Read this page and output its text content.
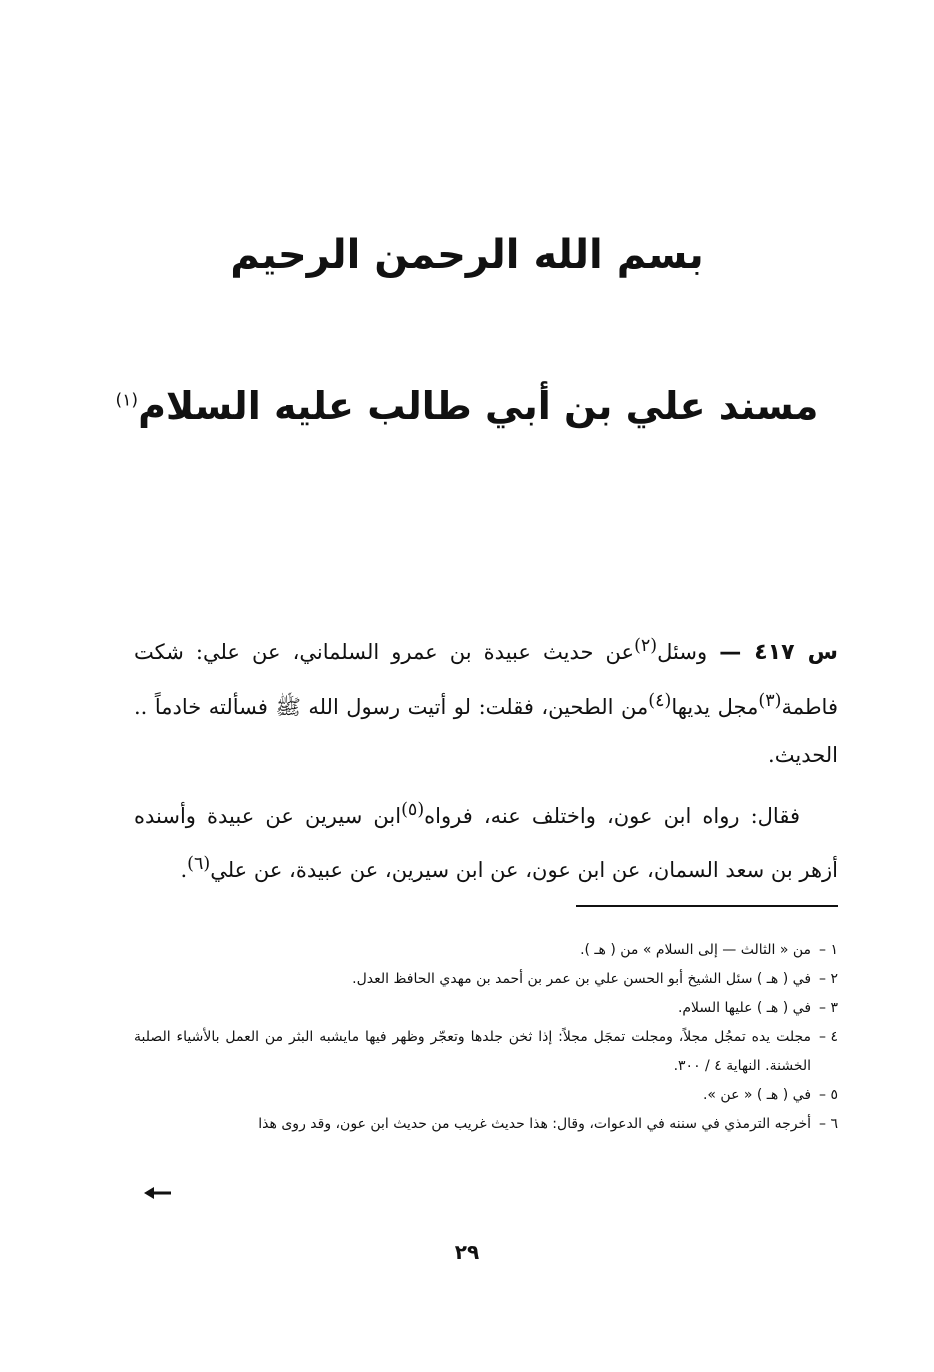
بسم الله الرحمن الرحيم
مسند علي بن أبي طالب عليه السلام$^{(١)}$

س ٤١٧ — وسئل$^{(٢)}$عن حديث عبيدة بن عمرو السلماني، عن علي: شكت فاطمة$^{(٣)}$مجل يديها$^{(٤)}$من الطحين، فقلت: لو أتيت رسول الله ﷺ فسألته خادماً .. الحديث.

فقال: رواه ابن عون، واختلف عنه، فرواه$^{(٥)}$ابن سيرين عن عبيدة وأسنده أزهر بن سعد السمان، عن ابن عون، عن ابن سيرين، عن عبيدة، عن علي$^{(٦)}$.

١ –
من « الثالث — إلى السلام » من ( هـ ).
٢ –
في ( هـ ) سئل الشيخ أبو الحسن علي بن عمر بن أحمد بن مهدي الحافظ العدل.
٣ –
في ( هـ ) عليها السلام.
٤ –
مجلت يده تمجُل مجلاً، ومجلت تمجَل مجلاً: إذا ثخن جلدها وتعجّر وظهر فيها مايشبه البثر من العمل بالأشياء الصلبة الخشنة. النهاية ٤ / ٣٠٠.
٥ –
في ( هـ ) « عن ».
٦ –
أخرجه الترمذي في سننه في الدعوات، وقال: هذا حديث غريب من حديث ابن عون، وقد روى هذا
٢٩
